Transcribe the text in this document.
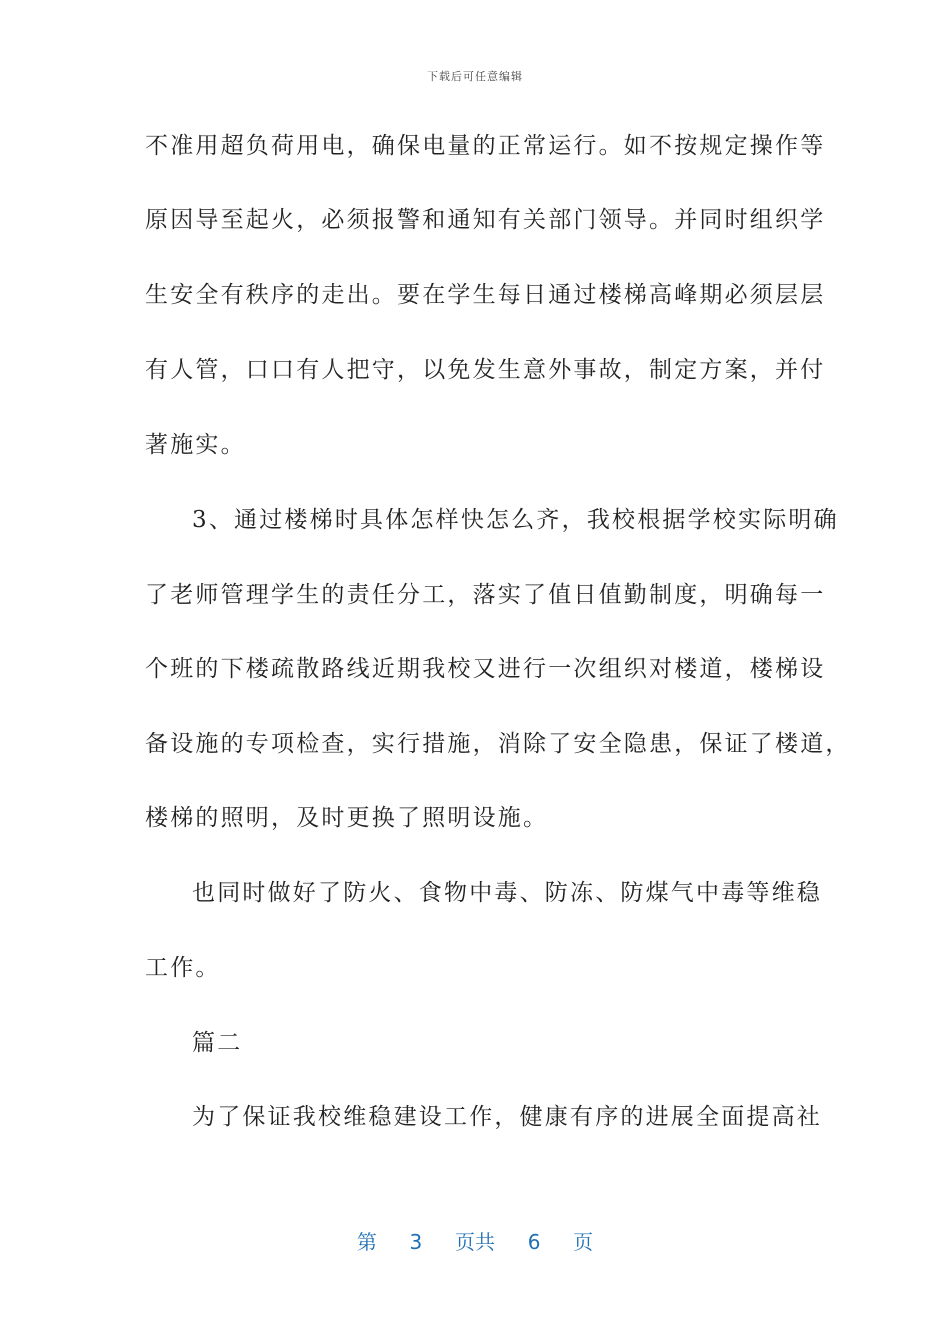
下载后可任意编辑
不准用超负荷用电，确保电量的正常运行。如不按规定操作等
原因导至起火，必须报警和通知有关部门领导。并同时组织学
生安全有秩序的走出。要在学生每日通过楼梯高峰期必须层层
有人管，口口有人把守，以免发生意外事故，制定方案，并付
著施实。
3、通过楼梯时具体怎样快怎么齐，我校根据学校实际明确
了老师管理学生的责任分工，落实了值日值勤制度，明确每一
个班的下楼疏散路线近期我校又进行一次组织对楼道，楼梯设
备设施的专项检查，实行措施，消除了安全隐患，保证了楼道，
楼梯的照明，及时更换了照明设施。
也同时做好了防火、食物中毒、防冻、防煤气中毒等维稳
工作。
篇二
为了保证我校维稳建设工作，健康有序的进展全面提高社
第 3 页共 6 页
